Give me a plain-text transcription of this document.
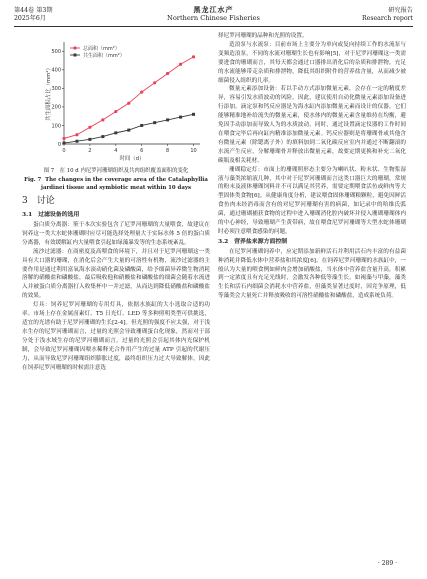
第44卷 第3期
2025年6月
黑龙江水产
Northern Chinese Fisheries
研究报告
Research report
0
100
200
300
400
500
0	2	4	6	8	10
时间（d）
共生面积占比（mm²）
总面积（mm²）
共生面积（mm²）
图 7　在 10 d 内尼罗河珊瑚组织及共肉组织覆盖面积的变化
Fig. 7 The changes in the coverage area of the Catalaphyllia jardinei tissue and symbiotic meat within 10 days
3　讨论
3.1　过滤设备的选用

蛋白质分离器：鉴于本次实验包含了尼罗河珊瑚的大量喂食，故建议在饲养这一类大水蛇体珊瑚时应尽可能选择处理量大于实际水体 5 倍的蛋白质分离器，有效缓解缸内大量喂食引起如绿藻暴发等的生态系统紊乱。

流沙过滤器：在商密度及高喂食的环境下，并且对于尼罗河珊瑚这一类具有大口器的珊瑚，在消化后会产生大量的可溶性有机物，流沙过滤器的主要作用是通过利用富氧海水滚动硝化菌及磷酸菌，给予细菌异养微生物消耗溶解的硝酸盐和磷酸盐，最后吸收他和硝酸盐和磷酸盐的细菌会随着水流进入并被蛋白质分离器打入收集杯中一并过滤，从而达到降低硝酸盐和磷酸盐的效果。

灯具：饲养尼罗河珊瑚的专用灯具，依据水族缸的大小选取合适的功率。市场上存在金属卤素灯、T5 日光灯、LED 等多种照明类型可供挑选，适宜的光谱有助于尼罗河珊瑚的生长[2-4]。但光照的强度不应太强，对于浅水生存的尼罗河珊瑚而言，过量的光照会导致珊瑚蛋白化现象，然而对于部分处于浅水域生存的尼罗河珊瑚而言，过量的光照会引起其体内光保护机制，会导致尼罗河珊瑚因喂水稀释光合作用产生的过量 ATP 引起的代谢压力，从而导致尼罗河珊瑚组织膨胀过度，最终组织压力过大导致解体，因此在饲养尼罗河珊瑚的时候需注意选

择尼罗河珊瑚的品种和光照的设置。

造浪泵与水流泵：目前市场上主要分为单向或复向持续工作的水流泵与变频造浪泵，不同的水流对珊瑚生长也有影响[5]，对于尼罗河珊瑚这一类需要进食的珊瑚而言，其每天都会通过口器排出消化后的杂质和排泄物，充足的水流能够带走杂质和排泄物，降低其组织附件的营养盐含量，从而减少被细菌侵入组织的几率。

微量元素添加设备：若以手动方式添加微量元素，会存在一定的精度差异，容易引发水质波动的风险。因此，建议使用自动化微量元素添加设备进行添加。滴定泵和钙反应器是为海水缸内添加微量元素而设计的仪器，它们能够精准地补给流失的微量元素，使水体内的微量元素含量维持在均衡，避免因手动添加而导致人为的水质波动。同时，通过设置滴定仪器的工作时间在喂食完毕后再向缸内精准添加微量元素。钙反应器则是将珊瑚骨或其他含有微量元素（除锶离子外）的填料加到二氧化碳反应室内并通过不断翻滚的水流产生反应，分解珊瑚骨并释放出微量元素，故要定期更换和补充二氧化碳瓶及相关耗材。

珊瑚稳定灯：市面上的珊瑚照形态主要分为喇叭状、粉末状、生物浆湿液与藻类浓缩液几种，其中对于尼罗河珊瑚而言这类口器巨大的珊瑚，常规的粉末及液体珊瑚饲料并不可以满足其营养，需要定期喂食活鱼或鲜肉等大型固体类食物[6]。从健康角度分析，建议喂食固体珊瑚粮颗粒，避免因鲜活食鱼肉未经消毒而含有的对尼罗河珊瑚有害的病菌，如记录中的哈维氏弧菌，通过珊瑚捕获食物的过程中进入珊瑚消化腔内破坏并侵入珊瑚珊瑚体内的中心神经，导致珊瑚产生黄带病，故在喂食尼罗河珊瑚等大型水蛇体珊瑚时必须注意喂食感染的问题。

3.2　营养盐来源方面控制

在尼罗河珊瑚饲养中，应定期添加新鲜活石并利用活石内丰富的有益菌种消耗并降低水体中营养盐和其浓度[6]。在饲养尼罗河珊瑚的水族缸中，一般认为大量的喂食例如鲜肉会增加硝酸盐，当水体中营养盐含量升高，积累到一定浓度且有充足光线时，会激发各种低等藻生长，如褐藻与甲藻，藻类生长和活石内细菌会消耗水中营养盐，但藻类显著过度时，因竞争原理，低等藻类会大量死亡并释放吸收的可溶性硝酸盐和磷酸盐，造成系统负荷。

· 289 ·
